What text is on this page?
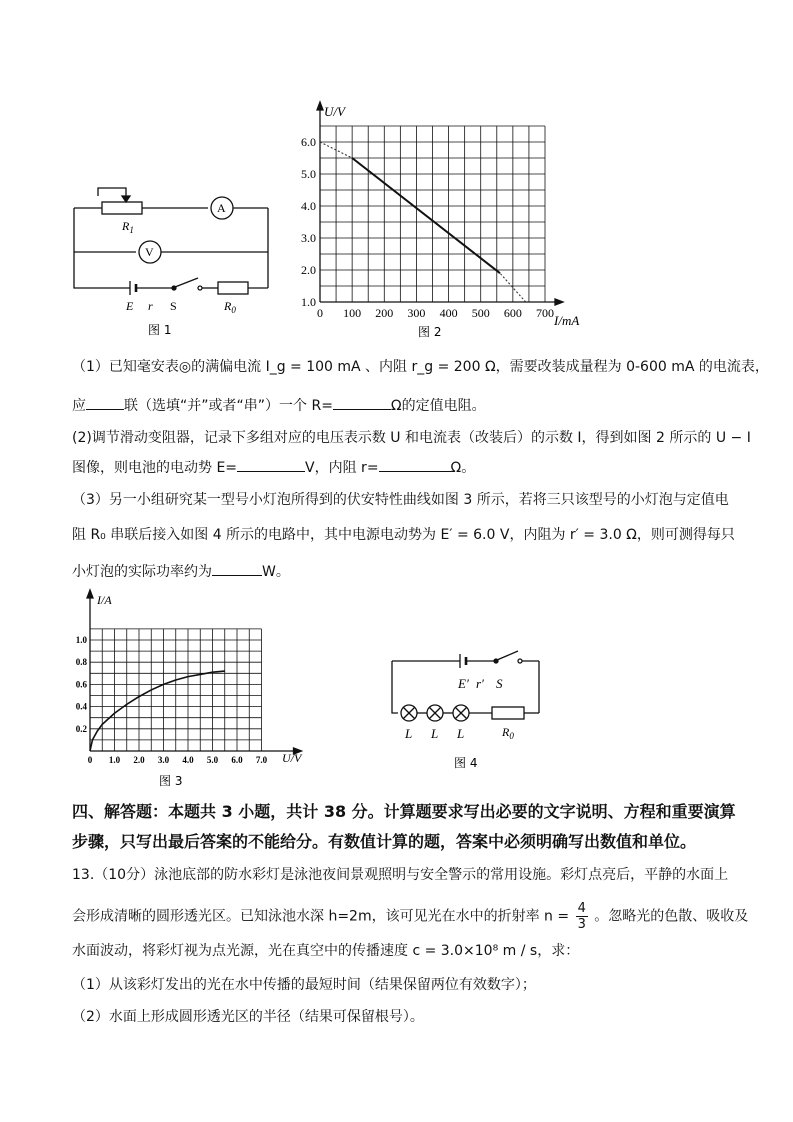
$R_1$
A
V
E r S	$R_0$
图 1
0 100 200 300 400 500 600 700
1.0
2.0
3.0
4.0
5.0
6.0
U/V
I/mA
图 2
（1）已知毫安表◎的满偏电流 I_g = 100 mA 、内阻 r_g = 200 Ω，需要改装成量程为 0-600 mA 的电流表，
应	联（选填“并”或者“串”）一个 R=	Ω的定值电阻。
(2)调节滑动变阻器，记录下多组对应的电压表示数 U 和电流表（改装后）的示数 I，得到如图 2 所示的 U − I
图像，则电池的电动势 E=	V，内阻 r=	Ω。
（3）另一小组研究某一型号小灯泡所得到的伏安特性曲线如图 3 所示，若将三只该型号的小灯泡与定值电
阻 R₀ 串联后接入如图 4 所示的电路中，其中电源电动势为 E′ = 6.0 V，内阻为 r′ = 3.0 Ω，则可测得每只
小灯泡的实际功率约为	W。
0 1.0 2.0 3.0 4.0 5.0 6.0 7.0
0.2
0.4
0.6
0.8
1.0
I/A
U/V
图 3
E′ r′ S
L L L	$R_0$
图 4
四、解答题：本题共 3 小题，共计 38 分。计算题要求写出必要的文字说明、方程和重要演算
步骤，只写出最后答案的不能给分。有数值计算的题，答案中必须明确写出数值和单位。
13.（10分）泳池底部的防水彩灯是泳池夜间景观照明与安全警示的常用设施。彩灯点亮后，平静的水面上
会形成清晰的圆形透光区。已知泳池水深 h=2m，该可见光在水中的折射率 $n = \frac{4}{3}$ 。忽略光的色散、吸收及
水面波动，将彩灯视为点光源，光在真空中的传播速度 c = 3.0×10⁸ m / s，求：
（1）从该彩灯发出的光在水中传播的最短时间（结果保留两位有效数字）；
（2）水面上形成圆形透光区的半径（结果可保留根号）。
